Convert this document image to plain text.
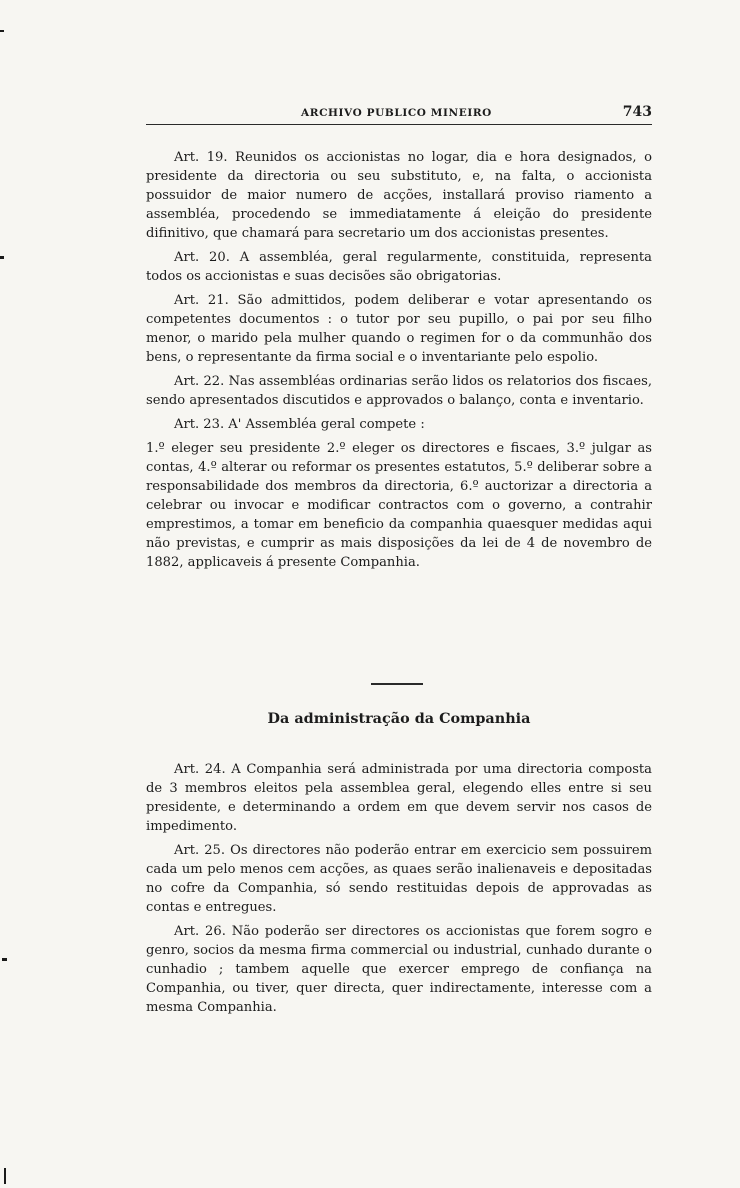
ARCHIVO PUBLICO MINEIRO	743

Art. 19. Reunidos os accionistas no logar, dia e hora designados, o presidente da directoria ou seu substituto, e, na falta, o accionista possuidor de maior numero de acções, installará proviso riamento a assembléa, procedendo se immediatamente á eleição do presidente difinitivo, que chamará para secretario um dos accionistas presentes.

Art. 20. A assembléa, geral regularmente, constituida, representa todos os accionistas e suas decisões são obrigatorias.

Art. 21. São admittidos, podem deliberar e votar apresentando os competentes documentos : o tutor por seu pupillo, o pai por seu filho menor, o marido pela mulher quando o regimen for o da communhão dos bens, o representante da firma social e o inventariante pelo espolio.

Art. 22. Nas assembléas ordinarias serão lidos os relatorios dos fiscaes, sendo apresentados discutidos e approvados o balanço, conta e inventario.

Art. 23. A' Assembléa geral compete :

1.º eleger seu presidente 2.º eleger os directores e fiscaes, 3.º julgar as contas, 4.º alterar ou reformar os presentes estatutos, 5.º deliberar sobre a responsabilidade dos membros da directoria, 6.º auctorizar a directoria a celebrar ou invocar e modificar contractos com o governo, a contrahir emprestimos, a tomar em beneficio da companhia quaesquer medidas aqui não previstas, e cumprir as mais disposições da lei de 4 de novembro de 1882, applicaveis á presente Companhia.

Da administração da Companhia

Art. 24. A Companhia será administrada por uma directoria composta de 3 membros eleitos pela assemblea geral, elegendo elles entre si seu presidente, e determinando a ordem em que devem servir nos casos de impedimento.

Art. 25. Os directores não poderão entrar em exercicio sem possuirem cada um pelo menos cem acções, as quaes serão inalienaveis e depositadas no cofre da Companhia, só sendo restituidas depois de approvadas as contas e entregues.

Art. 26. Não poderão ser directores os accionistas que forem sogro e genro, socios da mesma firma commercial ou industrial, cunhado durante o cunhadio ; tambem aquelle que exercer emprego de confiança na Companhia, ou tiver, quer directa, quer indirectamente, interesse com a mesma Companhia.
